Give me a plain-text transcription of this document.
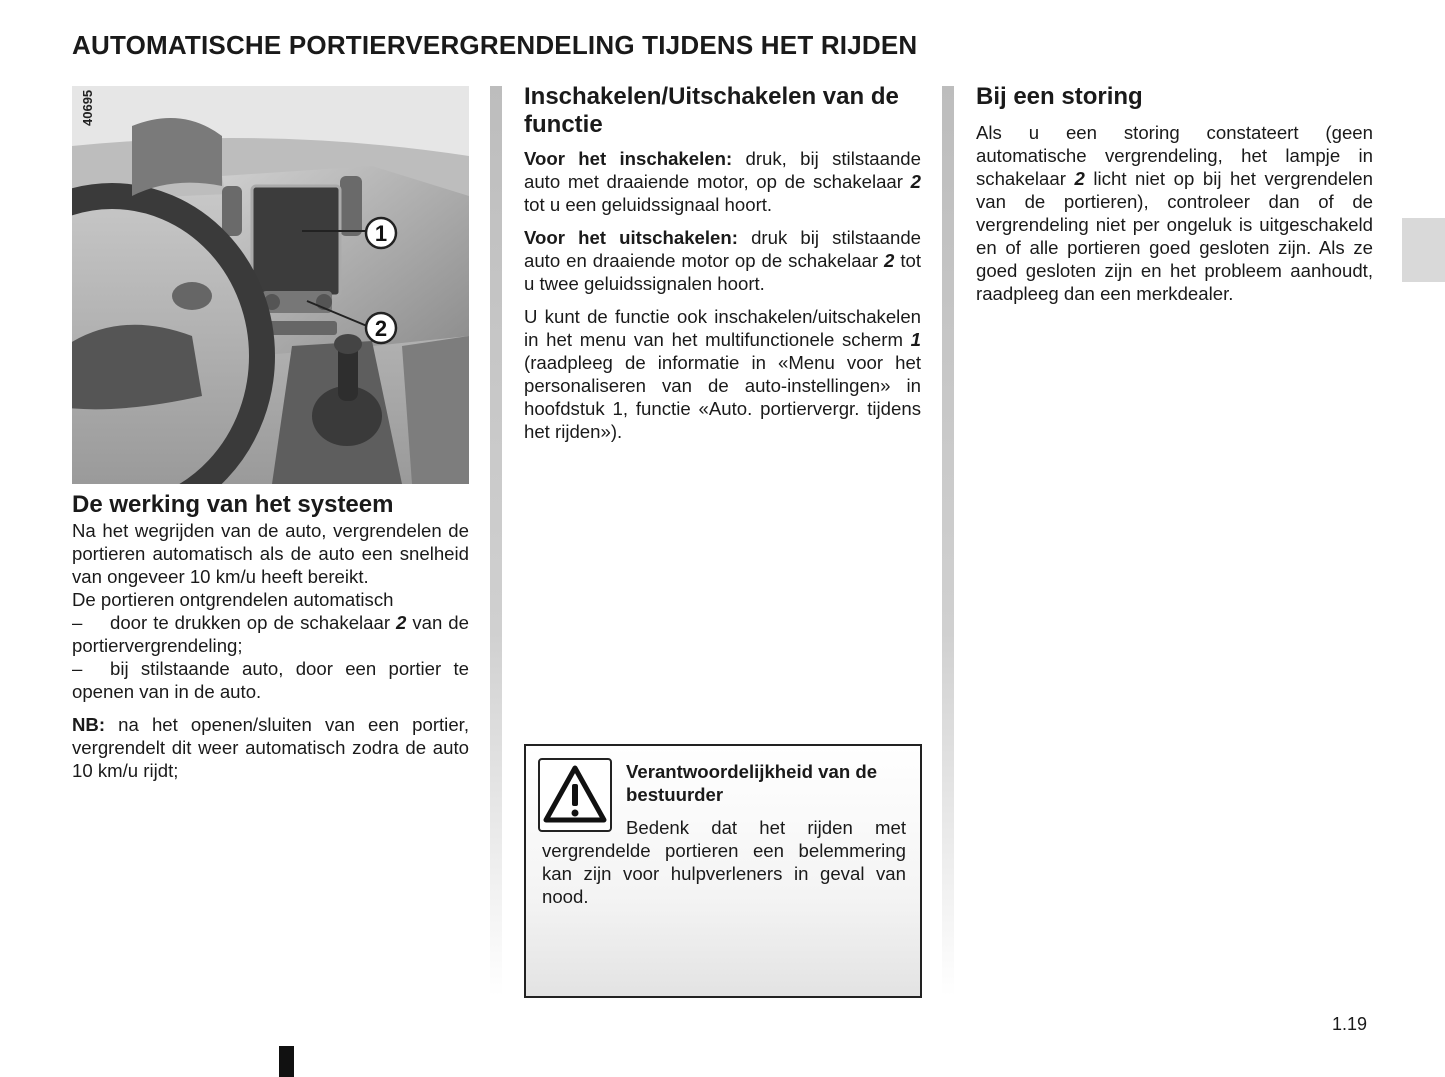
AUTOMATISCHE PORTIERVERGRENDELING TIJDENS HET RIJDEN
1
2
40695
De werking van het systeem

Na het wegrijden van de auto, vergrendelen de portieren automatisch als de auto een snelheid van ongeveer 10 km/u heeft bereikt.

De portieren ontgrendelen automatisch
–	door te drukken op de schakelaar 2 van de portiervergrendeling;
–	bij stilstaande auto, door een portier te openen van in de auto.

NB: na het openen/sluiten van een portier, vergrendelt dit weer automatisch zodra de auto 10 km/u rijdt;

Inschakelen/Uitschakelen van de functie

Voor het inschakelen: druk, bij stilstaande auto met draaiende motor, op de schakelaar 2 tot u een geluidssignaal hoort.

Voor het uitschakelen: druk bij stilstaande auto en draaiende motor op de schakelaar 2 tot u twee geluidssignalen hoort.

U kunt de functie ook inschakelen/uitschakelen in het menu van het multifunctionele scherm 1 (raadpleeg de informatie in «Menu voor het personaliseren van de auto-instellingen» in hoofdstuk 1, functie «Auto. portiervergr. tijdens het rijden»).

Verantwoordelijkheid van de bestuurder
Bedenk dat het rijden met vergrendelde portieren een belemmering kan zijn voor hulpverleners in geval van nood.
Bij een storing

Als u een storing constateert (geen automatische vergrendeling, het lampje in schakelaar 2 licht niet op bij het vergrendelen van de portieren), controleer dan of de vergrendeling niet per ongeluk is uitgeschakeld en of alle portieren goed gesloten zijn. Als ze goed gesloten zijn en het probleem aanhoudt, raadpleeg dan een merkdealer.

1.19
